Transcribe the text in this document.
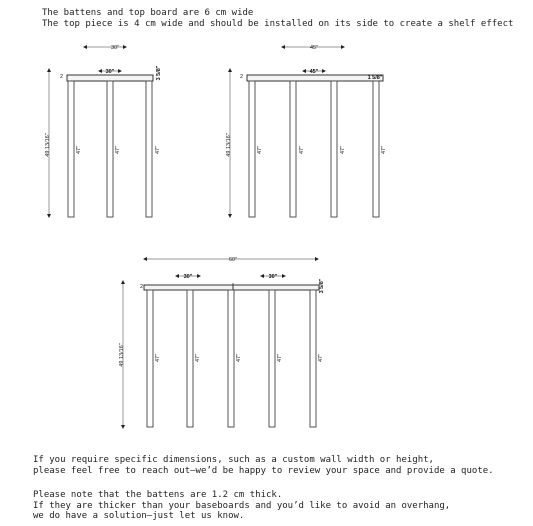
The battens and top board are 6 cm wide
The top piece is 4 cm wide and should be installed on its side to create a shelf effect
30"
30"
49 13/16"
2
47"	47"	47"
3 5/8"
45"
45"
49 13/16"
2
47"	47"	47"	47"
1 5/8"
60"
30"	30"
49 13/16"
2
47"	47"	47"	47"	47"
3 5/8"
If you require specific dimensions, such as a custom wall width or height,
please feel free to reach out—we’d be happy to review your space and provide a quote.
Please note that the battens are 1.2 cm thick.
If they are thicker than your baseboards and you’d like to avoid an overhang,
we do have a solution—just let us know.
